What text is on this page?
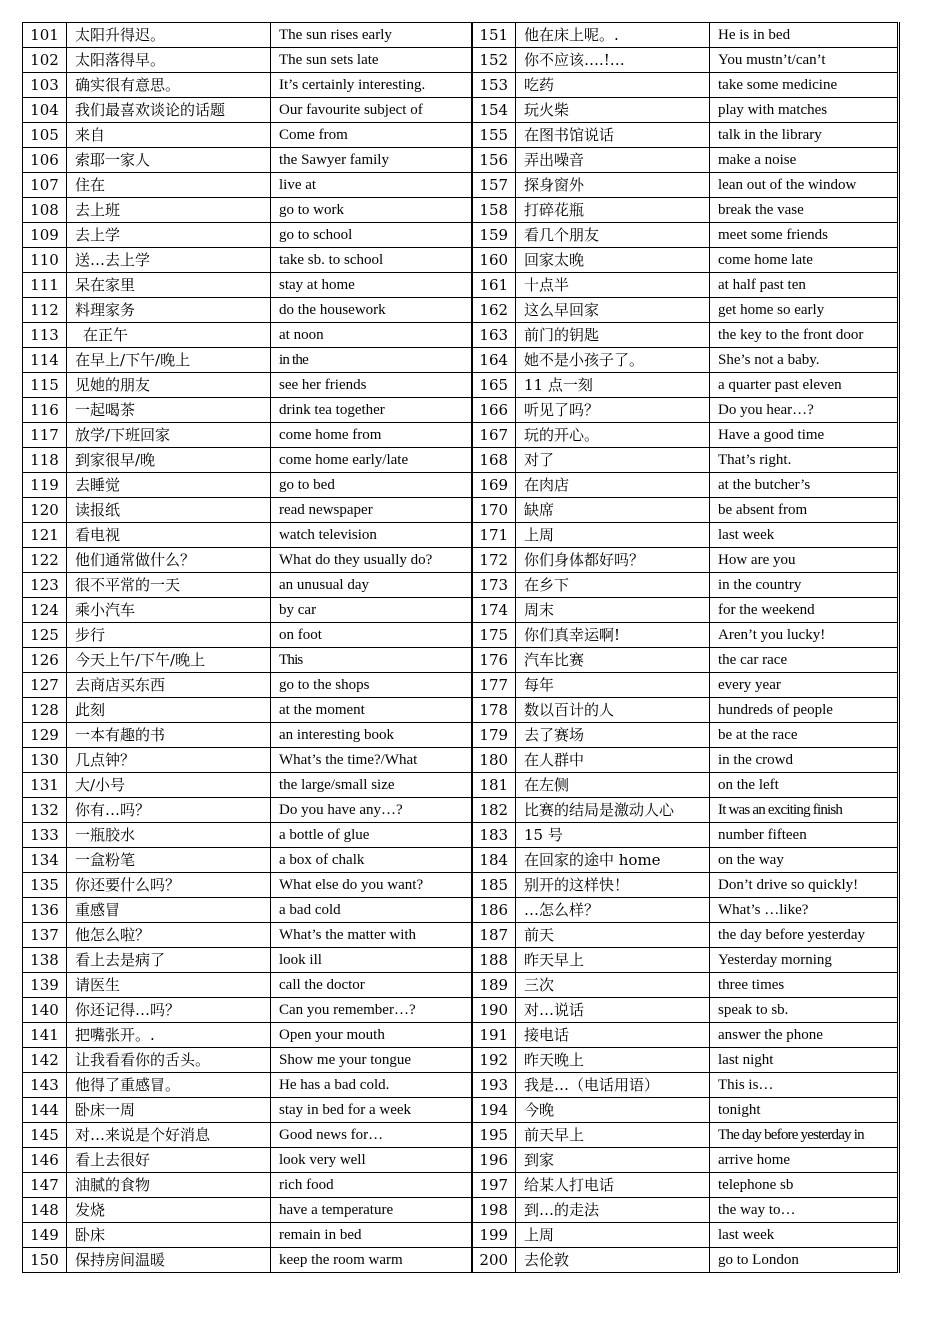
101	太阳升得迟。	The sun rises early	151	他在床上呢。.	He is in bed
102	太阳落得早。	The sun sets late	152	你不应该….!…	You mustn’t/can’t
103	确实很有意思。	It’s certainly interesting.	153	吃药	take some medicine
104	我们最喜欢谈论的话题	Our favourite subject of	154	玩火柴	play with matches
105	来自	Come from	155	在图书馆说话	talk in the library
106	索耶一家人	the Sawyer family	156	弄出噪音	make a noise
107	住在	live at	157	探身窗外	lean out of the window
108	去上班	go to work	158	打碎花瓶	break the vase
109	去上学	go to school	159	看几个朋友	meet some friends
110	送…去上学	take sb. to school	160	回家太晚	come home late
111	呆在家里	stay at home	161	十点半	at half past ten
112	料理家务	do the housework	162	这么早回家	get home so early
113	在正午	at noon	163	前门的钥匙	the key to the front door
114	在早上/下午/晚上	in the	164	她不是小孩子了。	She’s not a baby.
115	见她的朋友	see her friends	165	11 点一刻	a quarter past eleven
116	一起喝茶	drink tea together	166	听见了吗？	Do you hear…?
117	放学/下班回家	come home from	167	玩的开心。	Have a good time
118	到家很早/晚	come home early/late	168	对了	That’s right.
119	去睡觉	go to bed	169	在肉店	at the butcher’s
120	读报纸	read newspaper	170	缺席	be absent from
121	看电视	watch television	171	上周	last week
122	他们通常做什么？	What do they usually do?	172	你们身体都好吗？	How are you
123	很不平常的一天	an unusual day	173	在乡下	in the country
124	乘小汽车	by car	174	周末	for the weekend
125	步行	on foot	175	你们真幸运啊!	Aren’t you lucky!
126	今天上午/下午/晚上	This	176	汽车比赛	the car race
127	去商店买东西	go to the shops	177	每年	every year
128	此刻	at the moment	178	数以百计的人	hundreds of people
129	一本有趣的书	an interesting book	179	去了赛场	be at the race
130	几点钟？	What’s the time?/What	180	在人群中	in the crowd
131	大/小号	the large/small size	181	在左侧	on the left
132	你有…吗？	Do you have any…?	182	比赛的结局是激动人心	It was an exciting finish
133	一瓶胶水	a bottle of glue	183	15 号	number fifteen
134	一盒粉笔	a box of chalk	184	在回家的途中 home	on the way
135	你还要什么吗？	What else do you want?	185	别开的这样快！	Don’t drive so quickly!
136	重感冒	a bad cold	186	…怎么样？	What’s …like?
137	他怎么啦？	What’s the matter with	187	前天	the day before yesterday
138	看上去是病了	look ill	188	昨天早上	Yesterday morning
139	请医生	call the doctor	189	三次	three times
140	你还记得…吗？	Can you remember…?	190	对…说话	speak to sb.
141	把嘴张开。.	Open your mouth	191	接电话	answer the phone
142	让我看看你的舌头。	Show me your tongue	192	昨天晚上	last night
143	他得了重感冒。	He has a bad cold.	193	我是…（电话用语）	This is…
144	卧床一周	stay in bed for a week	194	今晚	tonight
145	对…来说是个好消息	Good news for…	195	前天早上	The day before yesterday in
146	看上去很好	look very well	196	到家	arrive home
147	油腻的食物	rich food	197	给某人打电话	telephone sb
148	发烧	have a temperature	198	到…的走法	the way to…
149	卧床	remain in bed	199	上周	last week
150	保持房间温暖	keep the room warm	200	去伦敦	go to London
